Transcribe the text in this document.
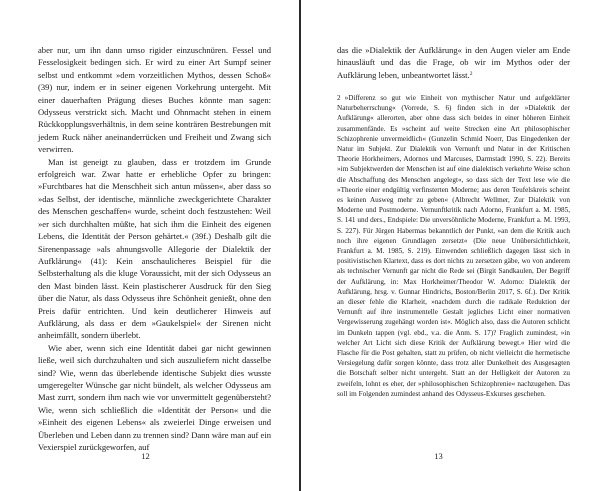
aber nur, um ihn dann umso rigider einzuschnüren. Fessel und Fesselosigkeit bedingen sich. Er wird zu einer Art Sumpf seiner selbst und entkommt »dem vorzeitlichen Mythos, dessen Schoß« (39) nur, indem er in seiner eigenen Vorkehrung untergeht. Mit einer dauerhaften Prägung dieses Buches könnte man sagen: Odysseus verstrickt sich. Macht und Ohnmacht stehen in einem Rückkopplungsverhältnis, in dem seine konträren Bestrebungen mit jedem Ruck näher aneinanderrücken und Freiheit und Zwang sich verwirren.

Man ist geneigt zu glauben, dass er trotzdem im Grunde erfolgreich war. Zwar hatte er erhebliche Opfer zu bringen: »Furchtbares hat die Menschheit sich antun müssen«, aber dass so »das Selbst, der identische, männliche zweckgerichtete Charakter des Menschen geschaffen« wurde, scheint doch festzustehen: Weil »er sich durchhalten müßte, hat sich ihm die Einheit des eigenen Lebens, die Identität der Person gehärtet.« (39f.) Deshalb gilt die Sirenenpassage »als ahnungsvolle Allegorie der Dialektik der Aufklärung« (41): Kein anschaulicheres Beispiel für die Selbsterhaltung als die kluge Voraussicht, mit der sich Odysseus an den Mast binden lässt. Kein plastischerer Ausdruck für den Sieg über die Natur, als dass Odysseus ihre Schönheit genießt, ohne den Preis dafür entrichten. Und kein deutlicherer Hinweis auf Aufklärung, als dass er dem »Gaukelspiel« der Sirenen nicht anheimfällt, sondern überlebt.

Wie aber, wenn sich eine Identität dabei gar nicht gewinnen ließe, weil sich durchzuhalten und sich auszuliefern nicht dasselbe sind? Wie, wenn das überlebende identische Subjekt dies wusste umgeregelter Wünsche gar nicht bündelt, als welcher Odysseus am Mast zurrt, sondern ihm nach wie vor unvermittelt gegenübersteht? Wie, wenn sich schließlich die »Identität der Person« und die »Einheit des eigenen Lebens« als zweierlei Dinge erweisen und Überleben und Leben dann zu trennen sind? Dann wäre man auf ein Vexierspiel zurückgeworfen, auf

12

das die »Dialektik der Aufklärung« in den Augen vieler am Ende hinausläuft und das die Frage, ob wir im Mythos oder der Aufklärung leben, unbeantwortet lässt.$^2$

2 »Differenz so gut wie Einheit von mythischer Natur und aufgeklärter Naturbeherrschung« (Vorrede, S. 6) finden sich in der »Dialektik der Aufklärung« allerorten, aber ohne dass sich beides in einer höheren Einheit zusammenfände. Es »scheint auf weite Strecken eine Art philosophischer Schizophrenie unvermeidlich« (Gunzelin Schmid Noerr, Das Eingedenken der Natur im Subjekt. Zur Dialektik von Vernunft und Natur in der Kritischen Theorie Horkheimers, Adornos und Marcuses, Darmstadt 1990, S. 22). Bereits »im Subjektwerden der Menschen ist auf eine dialektisch verkehrte Weise schon die Abschaffung des Menschen angelegt«, so dass sich der Text lese wie die »Theorie einer endgültig verfinsterten Moderne; aus deren Teufelskreis scheint es keinen Ausweg mehr zu geben« (Albrecht Wellmer, Zur Dialektik von Moderne und Postmoderne. Vernunftkritik nach Adorno, Frankfurt a. M. 1985, S. 141 und ders., Endspiele: Die unversöhnliche Moderne, Frankfurt a. M. 1993, S. 227). Für Jürgen Habermas bekanntlich der Punkt, »an dem die Kritik auch noch ihre eigenen Grundlagen zersetzt« (Die neue Unübersichtlichkeit, Frankfurt a. M. 1985, S. 219). Einwenden schließlich dagegen lässt sich in positivistischen Klartext, dass es dort nichts zu zersetzen gäbe, wo von anderem als technischer Vernunft gar nicht die Rede sei (Birgit Sandkaulen, Der Begriff der Aufklärung, in: Max Horkheimer/Theodor W. Adorno: Dialektik der Aufklärung, hrsg. v. Gunnar Hindrichs, Boston/Berlin 2017, S. 6f.). Der Kritik an dieser fehle die Klarheit, »nachdem durch die radikale Reduktion der Vernunft auf ihre instrumentelle Gestalt jegliches Licht einer normativen Vergewisserung zugehängt worden ist«. Möglich also, dass die Autoren schlicht im Dunkeln tappen (vgl. ebd., v.a. die Anm. S. 17)? Fraglich zumindest, »in welcher Art Licht sich diese Kritik der Aufklärung bewegt.« Hier wird die Flasche für die Post gehalten, statt zu prüfen, ob nicht vielleicht die hermetische Versiegelung dafür sorgen könnte, dass trotz aller Dunkelheit des Ausgesagten die Botschaft selber nicht untergeht. Statt an der Helligkeit der Autoren zu zweifeln, lohnt es eher, der »philosophischen Schizophrenie« nachzugehen. Das soll im Folgenden zumindest anhand des Odysseus-Exkurses geschehen.
13
